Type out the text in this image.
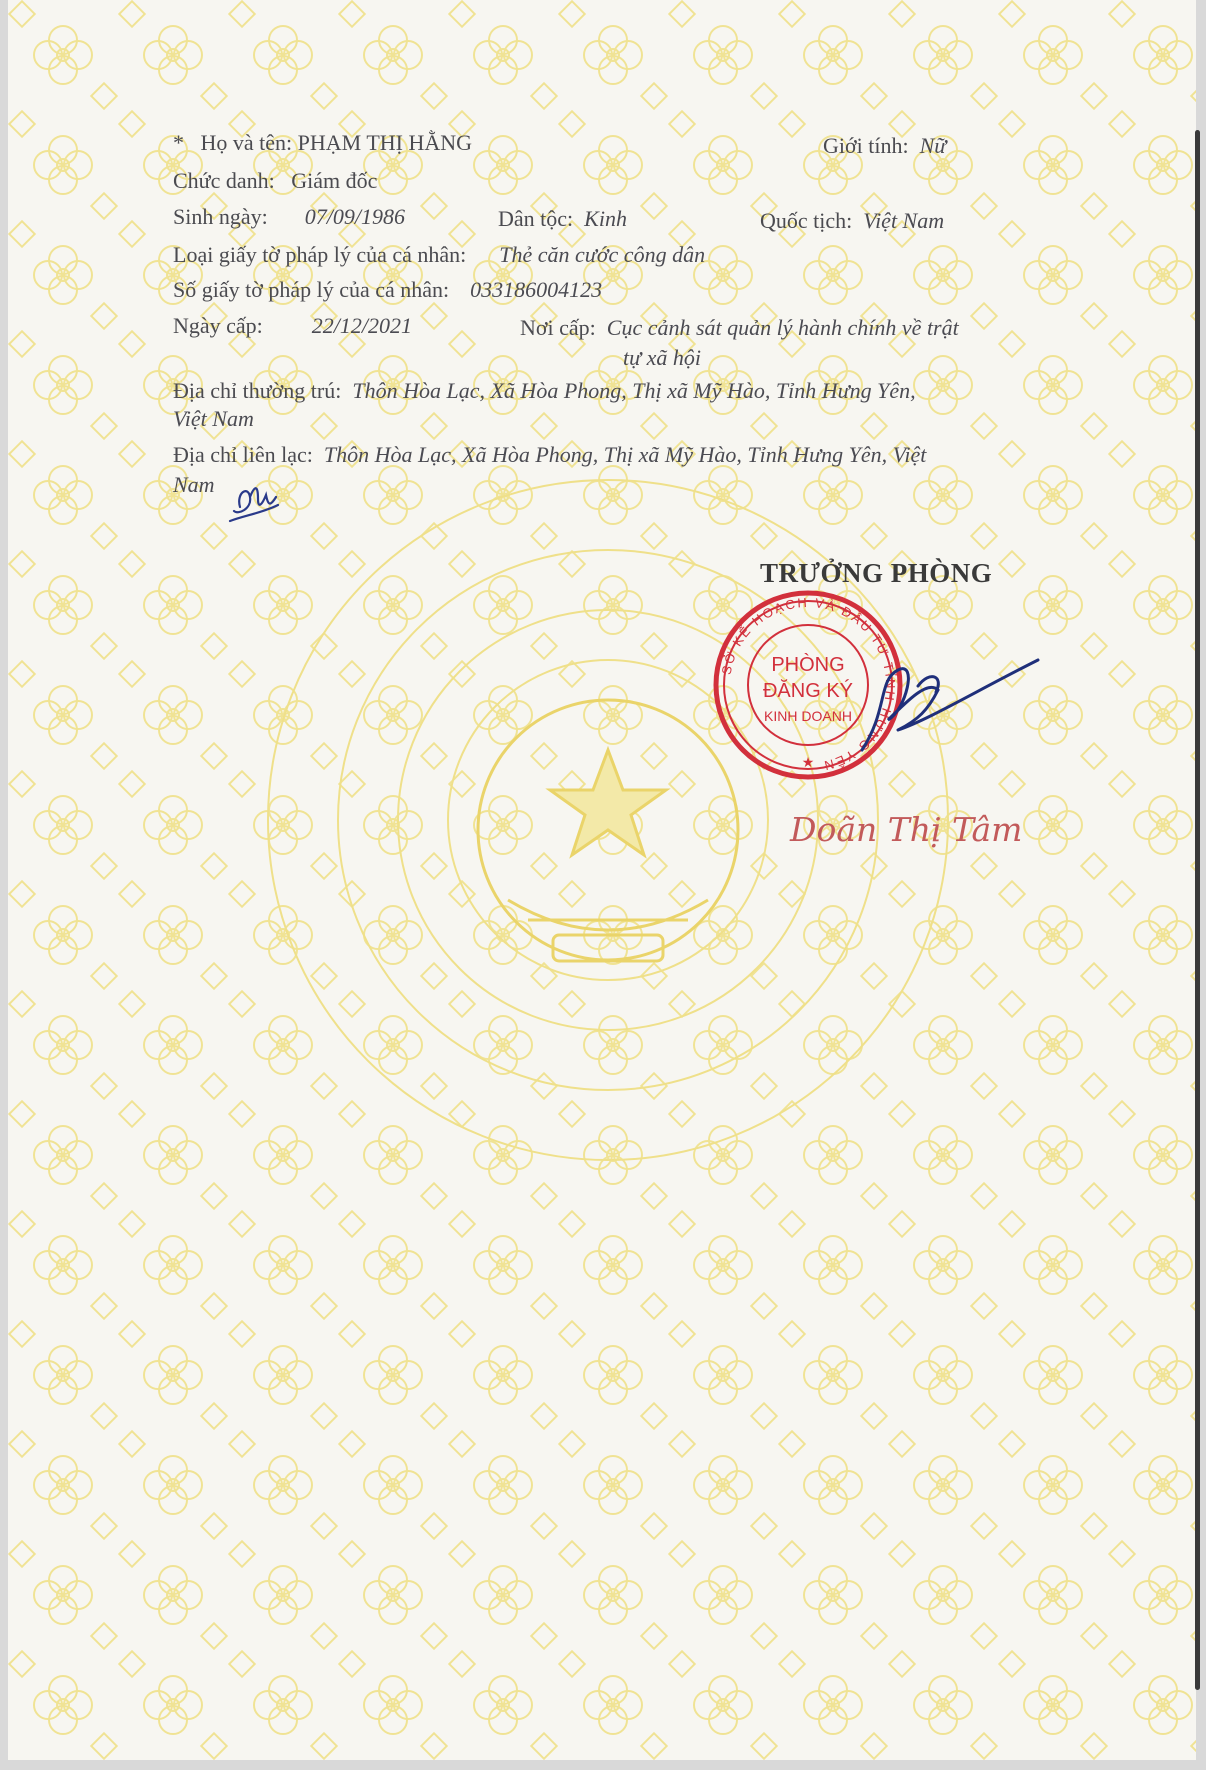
* Họ và tên: PHẠM THỊ HẰNG	Giới tính: Nữ
Chức danh: Giám đốc
Sinh ngày: 07/09/1986	Dân tộc: Kinh	Quốc tịch: Việt Nam
Loại giấy tờ pháp lý của cá nhân: Thẻ căn cước công dân
Số giấy tờ pháp lý của cá nhân: 033186004123
Ngày cấp: 22/12/2021	Nơi cấp: Cục cảnh sát quản lý hành chính về trật
tự xã hội
Địa chỉ thường trú: Thôn Hòa Lạc, Xã Hòa Phong, Thị xã Mỹ Hào, Tỉnh Hưng Yên,
Việt Nam
Địa chỉ liên lạc: Thôn Hòa Lạc, Xã Hòa Phong, Thị xã Mỹ Hào, Tỉnh Hưng Yên, Việt
Nam
TRƯỞNG PHÒNG
SỞ KẾ HOẠCH VÀ ĐẦU TƯ TỈNH HƯNG YÊN
PHÒNG
ĐĂNG KÝ
KINH DOANH
★
Doãn Thị Tâm
